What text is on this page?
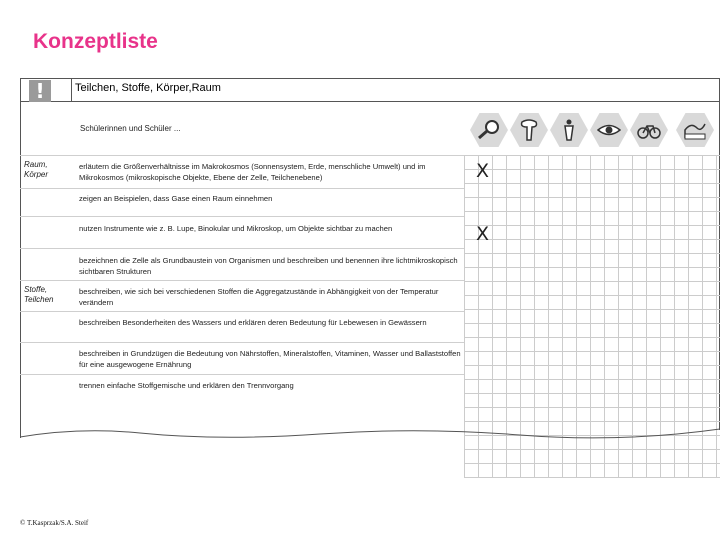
Konzeptliste
!	Teilchen, Stoffe, Körper,Raum
Schülerinnen und Schüler ...
Raum,
Körper
Stoffe,
Teilchen
erläutern die Größenverhältnisse im Makrokosmos (Sonnensystem, Erde, menschliche Umwelt) und im Mikrokosmos (mikroskopische Objekte, Ebene der Zelle, Teilchenebene)
zeigen an Beispielen, dass Gase einen Raum einnehmen
nutzen Instrumente wie z. B. Lupe, Binokular und Mikroskop, um Objekte sichtbar zu machen
bezeichnen die Zelle als Grundbaustein von Organismen und beschreiben und benennen ihre lichtmikroskopisch sichtbaren Strukturen
beschreiben, wie sich bei verschiedenen Stoffen die Aggregatzustände in Abhängigkeit von der Temperatur verändern
beschreiben Besonderheiten des Wassers und erklären deren Bedeutung für Lebewesen in Gewässern
beschreiben in Grundzügen die Bedeutung von Nährstoffen, Mineralstoffen, Vitaminen, Wasser und Ballaststoffen für eine ausgewogene Ernährung
trennen einfache Stoffgemische und erklären den Trennvorgang
X
X
© T.Kasprzak/S.A. Steif
